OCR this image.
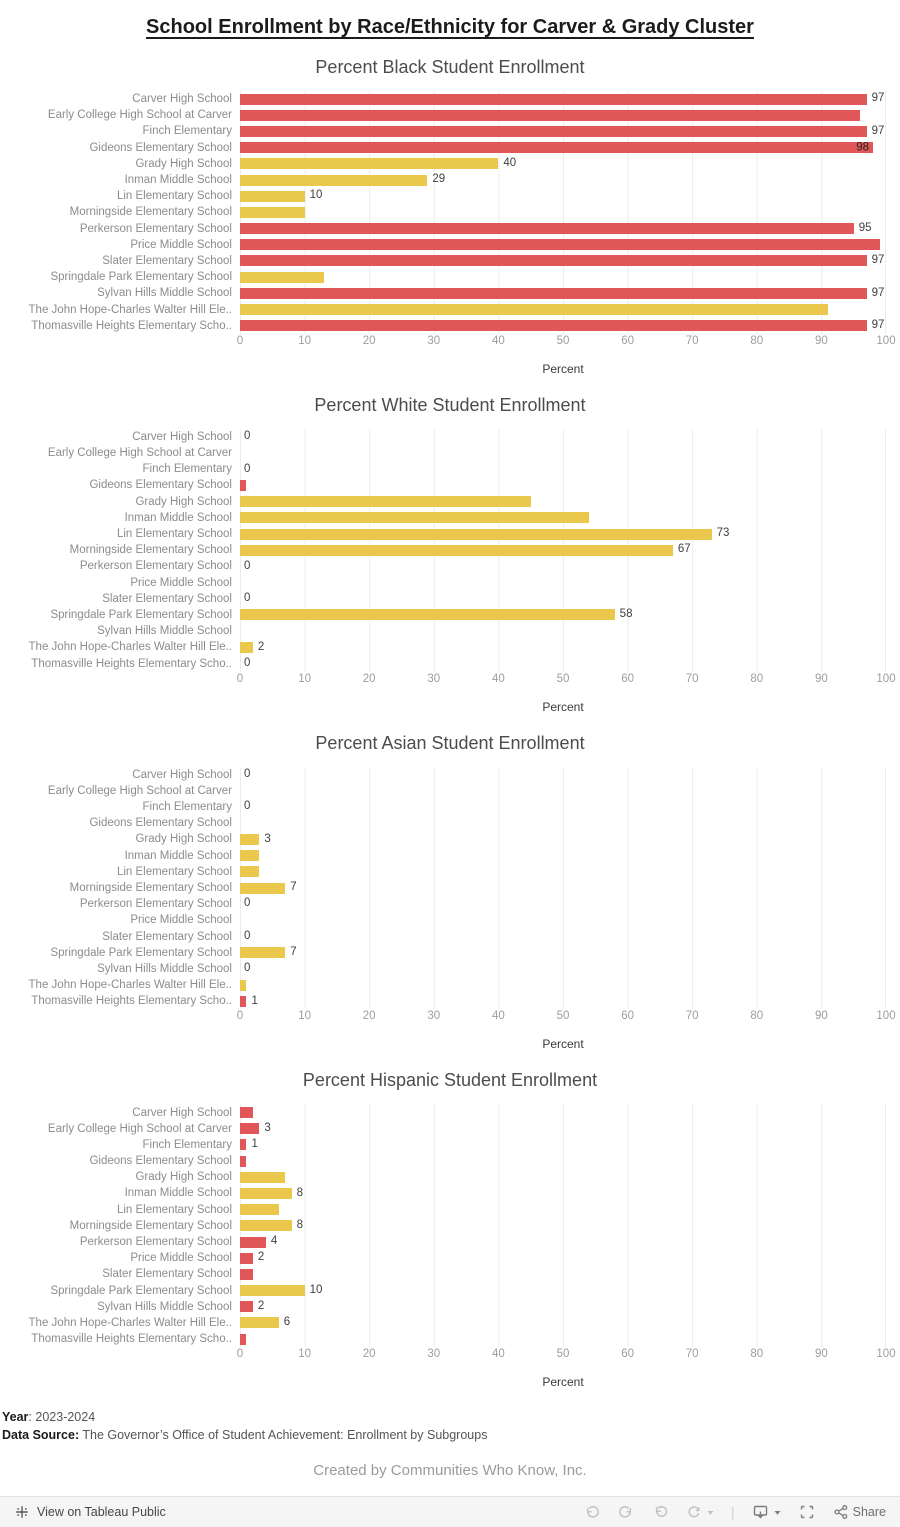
School Enrollment by Race/Ethnicity for Carver & Grady Cluster
Percent Black Student Enrollment
Carver High School	97
Early College High School at Carver
Finch Elementary	97
Gideons Elementary School	98
Grady High School	40
Inman Middle School	29
Lin Elementary School	10
Morningside Elementary School
Perkerson Elementary School	95
Price Middle School
Slater Elementary School	97
Springdale Park Elementary School
Sylvan Hills Middle School	97
The John Hope-Charles Walter Hill Ele..
Thomasville Heights Elementary Scho..	97
0	10	20	30	40	50	60	70	80	90	100
Percent
Percent White Student Enrollment
Carver High School	0
Early College High School at Carver
Finch Elementary	0
Gideons Elementary School
Grady High School
Inman Middle School
Lin Elementary School	73
Morningside Elementary School	67
Perkerson Elementary School	0
Price Middle School
Slater Elementary School	0
Springdale Park Elementary School	58
Sylvan Hills Middle School
The John Hope-Charles Walter Hill Ele..	2
Thomasville Heights Elementary Scho..	0
0	10	20	30	40	50	60	70	80	90	100
Percent
Percent Asian Student Enrollment
Carver High School	0
Early College High School at Carver
Finch Elementary	0
Gideons Elementary School
Grady High School	3
Inman Middle School
Lin Elementary School
Morningside Elementary School	7
Perkerson Elementary School	0
Price Middle School
Slater Elementary School	0
Springdale Park Elementary School	7
Sylvan Hills Middle School	0
The John Hope-Charles Walter Hill Ele..
Thomasville Heights Elementary Scho..	1
0	10	20	30	40	50	60	70	80	90	100
Percent
Percent Hispanic Student Enrollment
Carver High School
Early College High School at Carver	3
Finch Elementary	1
Gideons Elementary School
Grady High School
Inman Middle School	8
Lin Elementary School
Morningside Elementary School	8
Perkerson Elementary School	4
Price Middle School	2
Slater Elementary School
Springdale Park Elementary School	10
Sylvan Hills Middle School	2
The John Hope-Charles Walter Hill Ele..	6
Thomasville Heights Elementary Scho..
0	10	20	30	40	50	60	70	80	90	100
Percent
Year: 2023-2024
Data Source: The Governor’s Office of Student Achievement: Enrollment by Subgroups
Created by Communities Who Know, Inc.
View on Tableau Public	|	Share
